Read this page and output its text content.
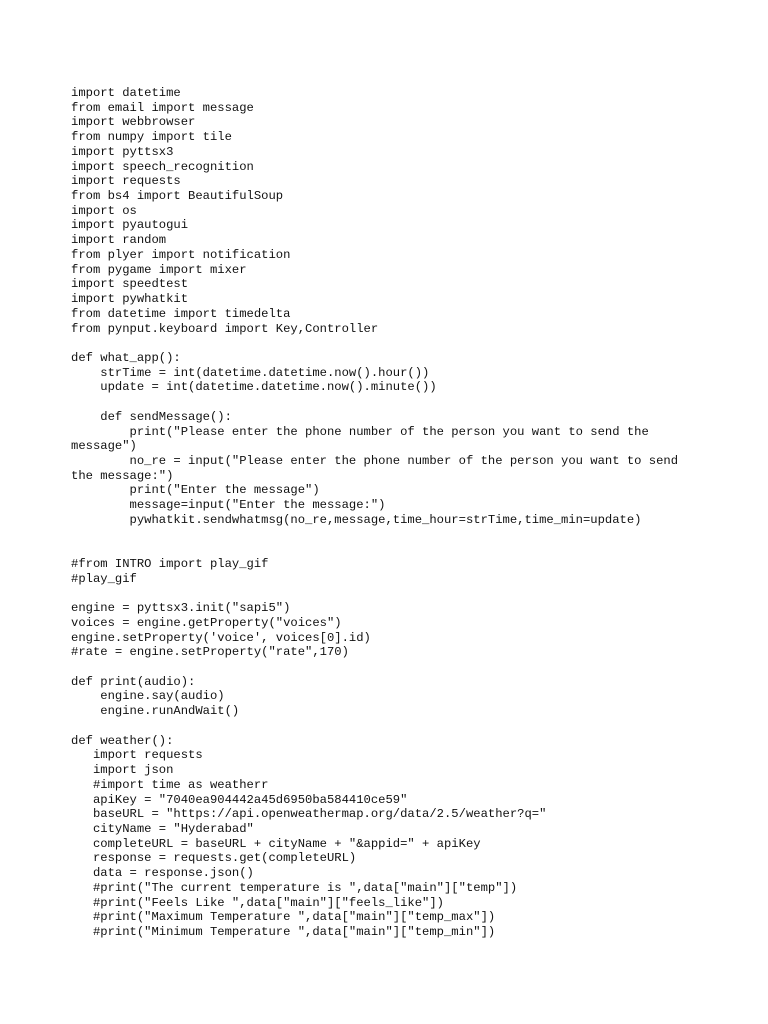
import datetime
from email import message
import webbrowser
from numpy import tile
import pyttsx3
import speech_recognition
import requests
from bs4 import BeautifulSoup
import os
import pyautogui
import random
from plyer import notification
from pygame import mixer
import speedtest
import pywhatkit
from datetime import timedelta
from pynput.keyboard import Key,Controller
def what_app():
strTime = int(datetime.datetime.now().hour())
update = int(datetime.datetime.now().minute())
def sendMessage():
print("Please enter the phone number of the person you want to send the
message")
no_re = input("Please enter the phone number of the person you want to send
the message:")
print("Enter the message")
message=input("Enter the message:")
pywhatkit.sendwhatmsg(no_re,message,time_hour=strTime,time_min=update)
#from INTRO import play_gif
#play_gif
engine = pyttsx3.init("sapi5")
voices = engine.getProperty("voices")
engine.setProperty('voice', voices[0].id)
#rate = engine.setProperty("rate",170)
def print(audio):
engine.say(audio)
engine.runAndWait()
def weather():
import requests
import json
#import time as weatherr
apiKey = "7040ea904442a45d6950ba584410ce59"
baseURL = "https://api.openweathermap.org/data/2.5/weather?q="
cityName = "Hyderabad"
completeURL = baseURL + cityName + "&appid=" + apiKey
response = requests.get(completeURL)
data = response.json()
#print("The current temperature is ",data["main"]["temp"])
#print("Feels Like ",data["main"]["feels_like"])
#print("Maximum Temperature ",data["main"]["temp_max"])
#print("Minimum Temperature ",data["main"]["temp_min"])
